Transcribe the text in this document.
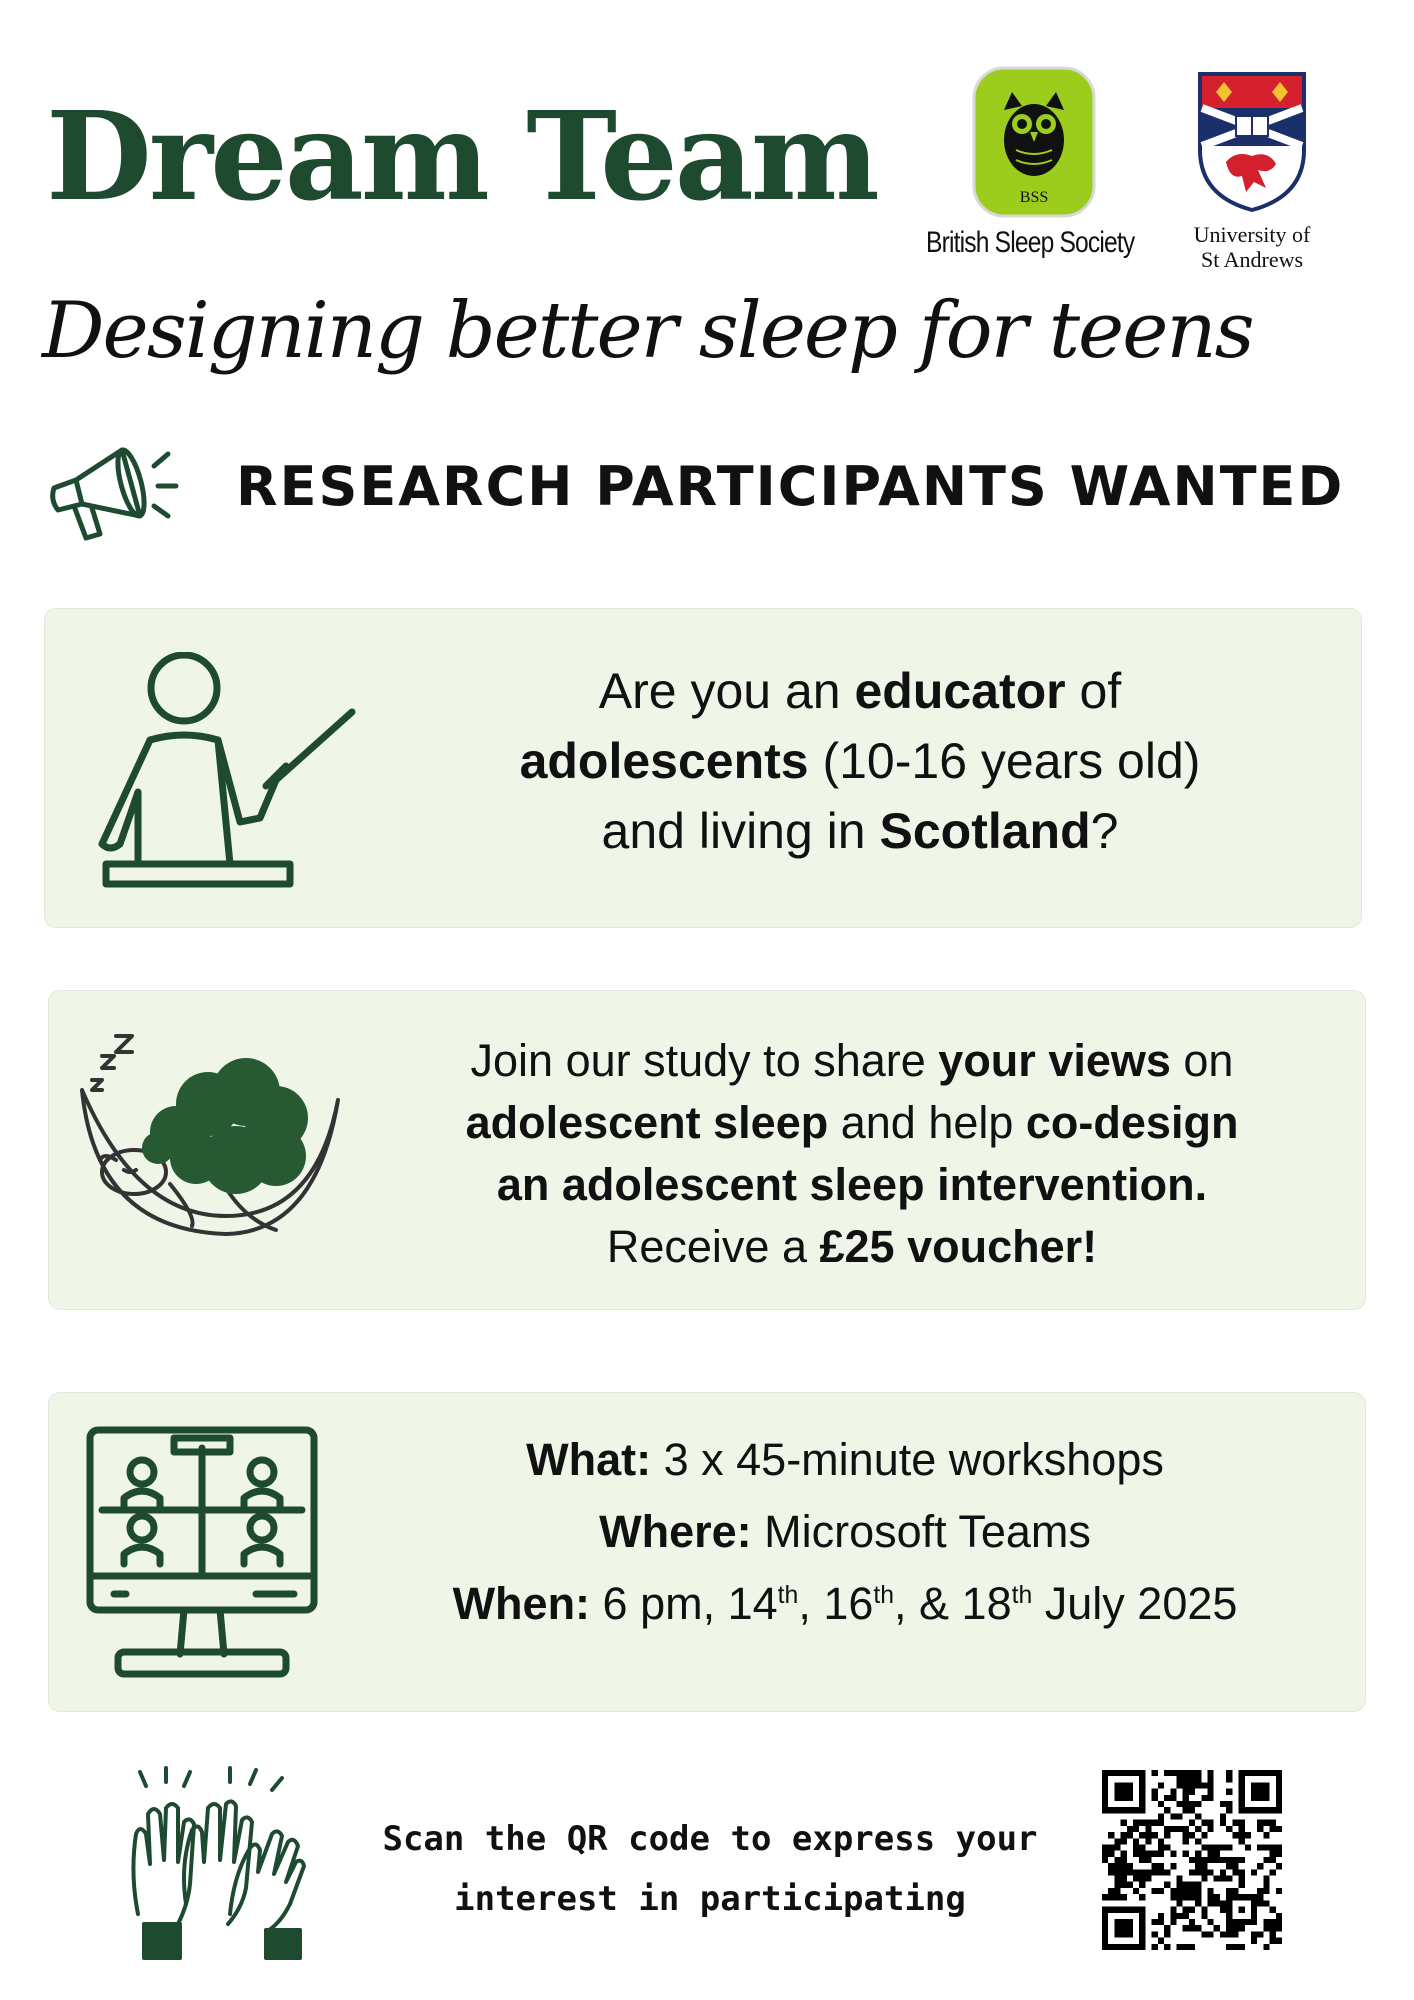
Dream Team	BSS
British Sleep Society	University of
St Andrews
Designing better sleep for teens
RESEARCH PARTICIPANTS WANTED
Are you an educator of
adolescents (10-16 years old)
and living in Scotland?
Join our study to share your views on
adolescent sleep and help co-design
an adolescent sleep intervention.
Receive a £25 voucher!
What: 3 x 45-minute workshops
Where: Microsoft Teams
When: 6 pm, 14th, 16th, & 18th July 2025
Scan the QR code to express your
interest in participating
